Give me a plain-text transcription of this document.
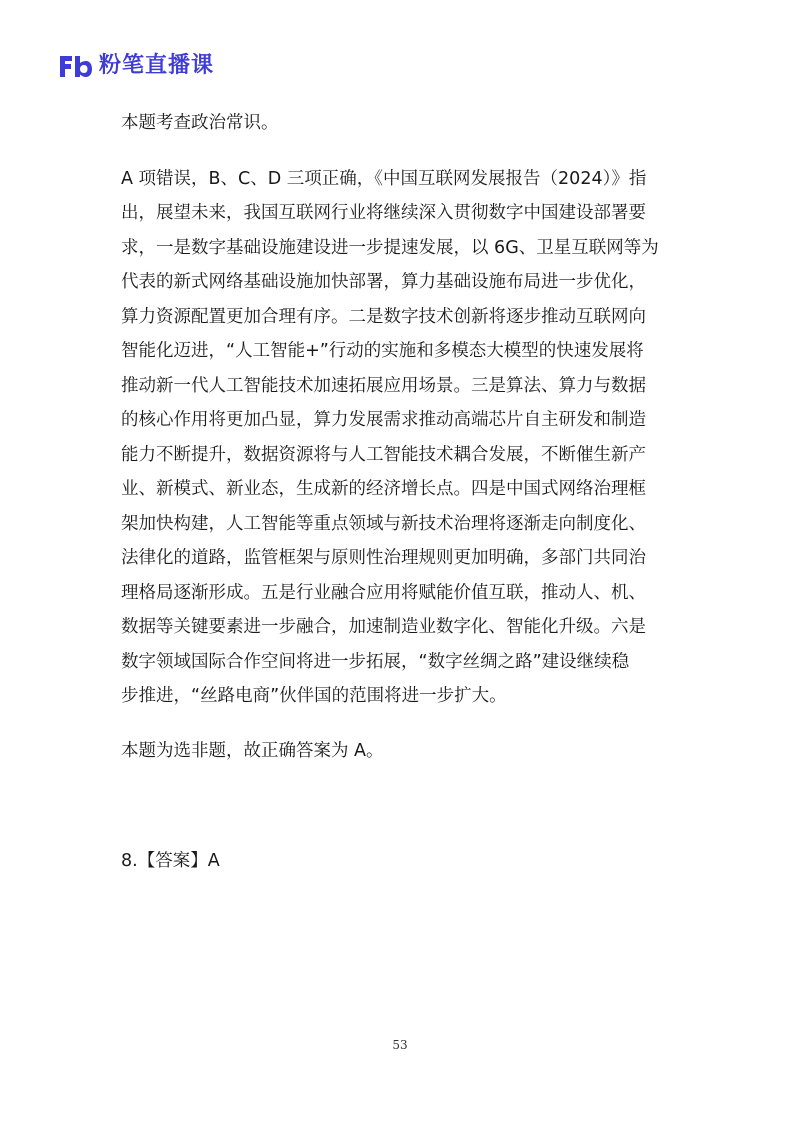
粉笔直播课

本题考查政治常识。

A 项错误，B、C、D 三项正确，《中国互联网发展报告（2024）》指
出，展望未来，我国互联网行业将继续深入贯彻数字中国建设部署要
求，一是数字基础设施建设进一步提速发展，以 6G、卫星互联网等为
代表的新式网络基础设施加快部署，算力基础设施布局进一步优化，
算力资源配置更加合理有序。二是数字技术创新将逐步推动互联网向
智能化迈进，“人工智能+”行动的实施和多模态大模型的快速发展将
推动新一代人工智能技术加速拓展应用场景。三是算法、算力与数据
的核心作用将更加凸显，算力发展需求推动高端芯片自主研发和制造
能力不断提升，数据资源将与人工智能技术耦合发展，不断催生新产
业、新模式、新业态，生成新的经济增长点。四是中国式网络治理框
架加快构建，人工智能等重点领域与新技术治理将逐渐走向制度化、
法律化的道路，监管框架与原则性治理规则更加明确，多部门共同治
理格局逐渐形成。五是行业融合应用将赋能价值互联，推动人、机、
数据等关键要素进一步融合，加速制造业数字化、智能化升级。六是
数字领域国际合作空间将进一步拓展，“数字丝绸之路”建设继续稳
步推进，“丝路电商”伙伴国的范围将进一步扩大。

本题为选非题，故正确答案为 A。

8.【答案】A

53
